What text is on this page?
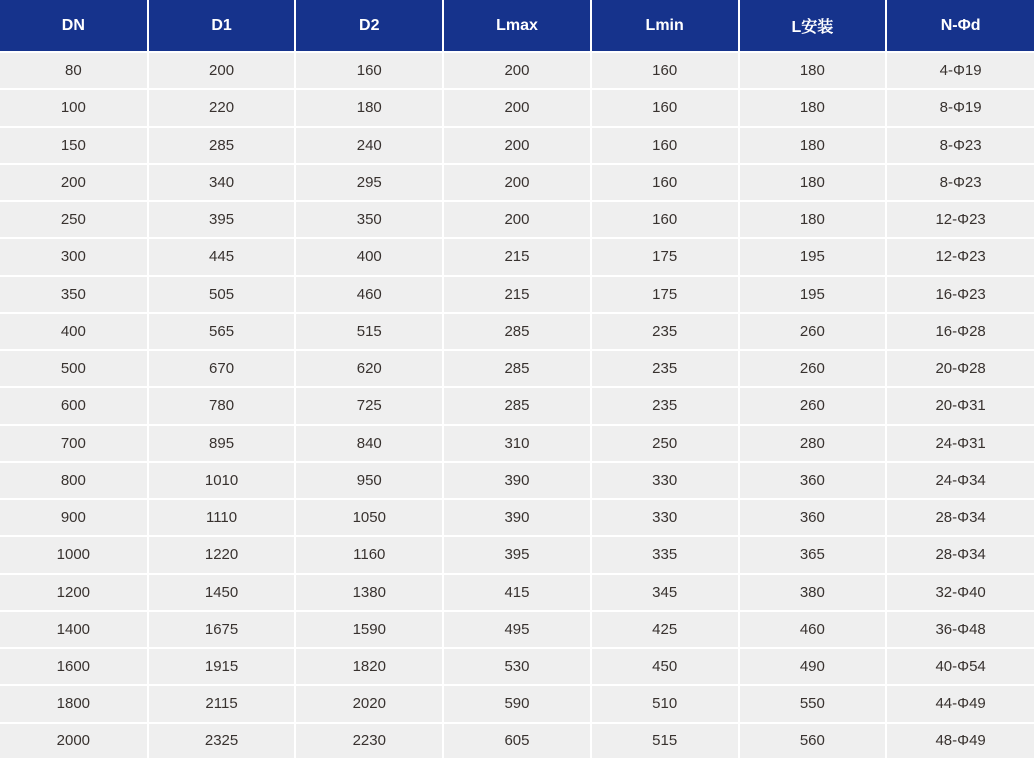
DN	D1	D2	Lmax	Lmin	L安装	N-Φd
80	200	160	200	160	180	4-Φ19
100	220	180	200	160	180	8-Φ19
150	285	240	200	160	180	8-Φ23
200	340	295	200	160	180	8-Φ23
250	395	350	200	160	180	12-Φ23
300	445	400	215	175	195	12-Φ23
350	505	460	215	175	195	16-Φ23
400	565	515	285	235	260	16-Φ28
500	670	620	285	235	260	20-Φ28
600	780	725	285	235	260	20-Φ31
700	895	840	310	250	280	24-Φ31
800	1010	950	390	330	360	24-Φ34
900	1110	1050	390	330	360	28-Φ34
1000	1220	1160	395	335	365	28-Φ34
1200	1450	1380	415	345	380	32-Φ40
1400	1675	1590	495	425	460	36-Φ48
1600	1915	1820	530	450	490	40-Φ54
1800	2115	2020	590	510	550	44-Φ49
2000	2325	2230	605	515	560	48-Φ49
